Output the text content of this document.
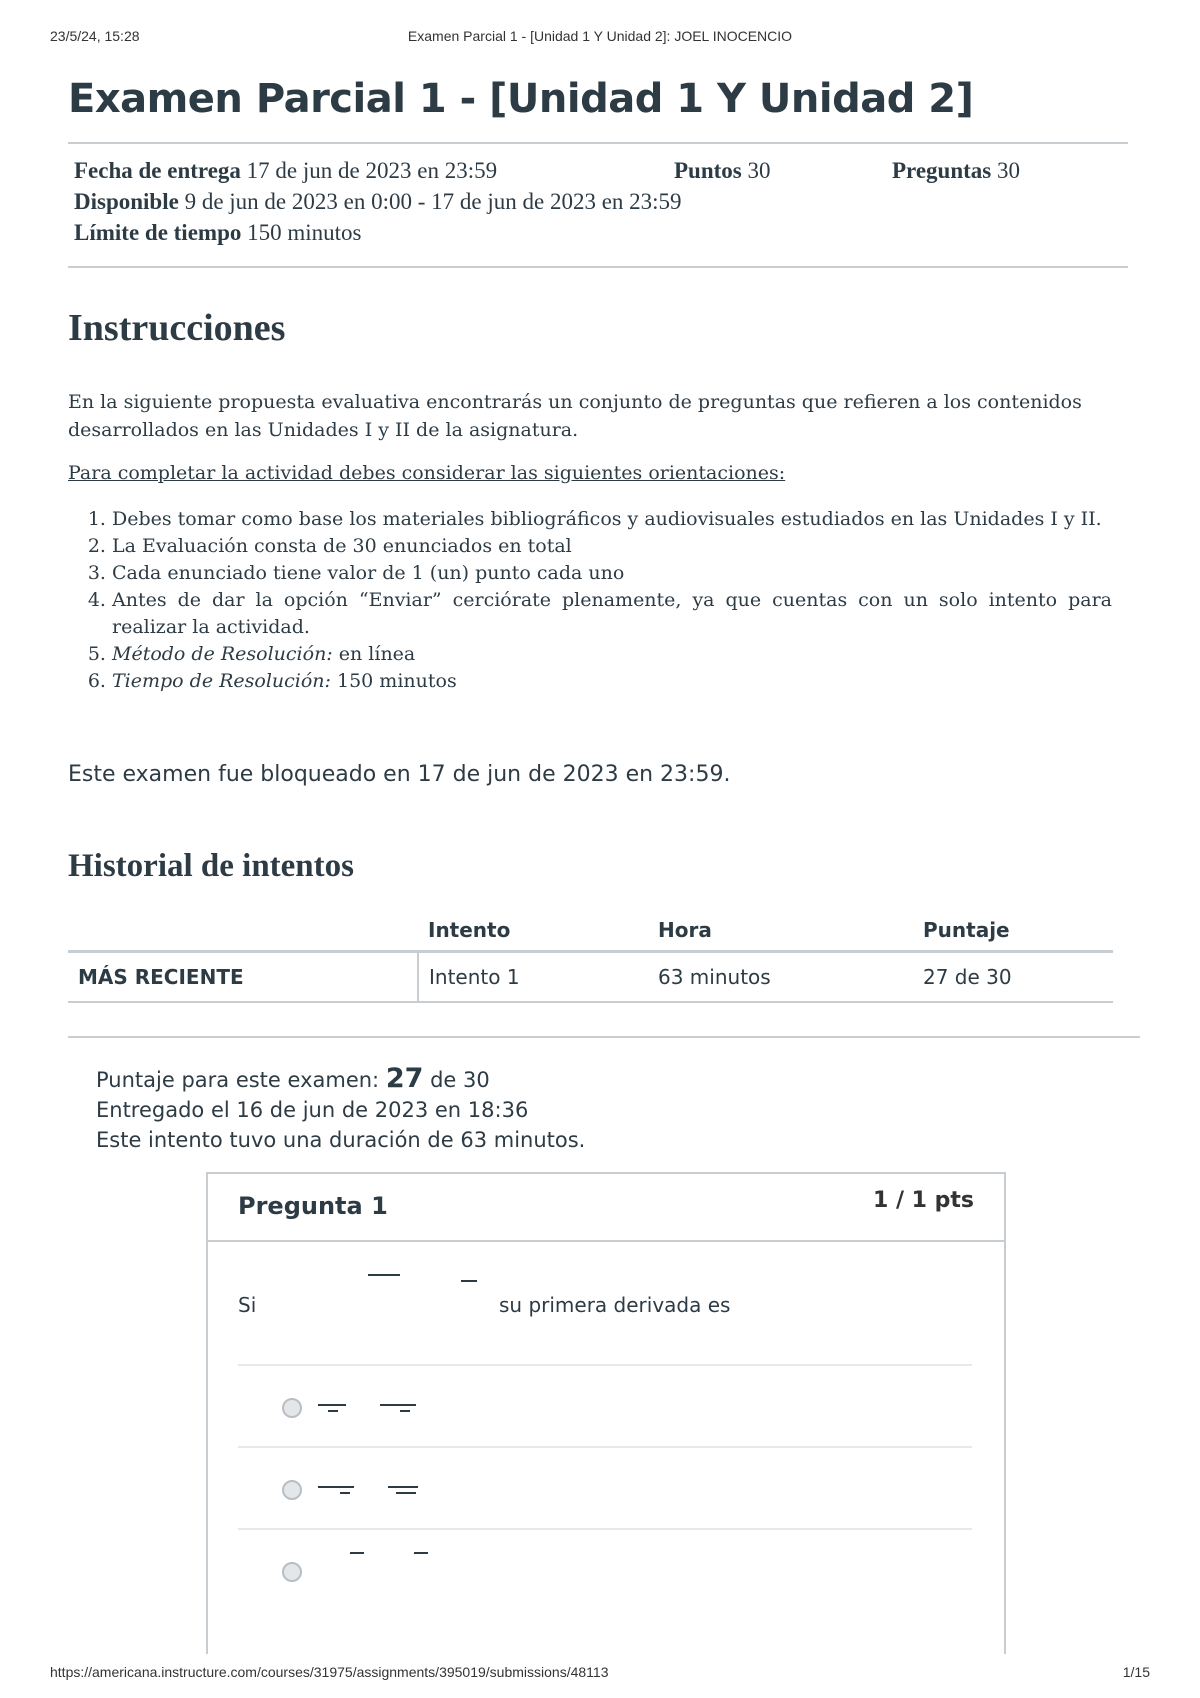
23/5/24, 15:28	Examen Parcial 1 - [Unidad 1 Y Unidad 2]: JOEL INOCENCIO
Examen Parcial 1 - [Unidad 1 Y Unidad 2]
Fecha de entrega 17 de jun de 2023 en 23:59	Puntos 30	Preguntas 30
Disponible 9 de jun de 2023 en 0:00 - 17 de jun de 2023 en 23:59
Límite de tiempo 150 minutos
Instrucciones
En la siguiente propuesta evaluativa encontrarás un conjunto de preguntas que refieren a los contenidos desarrollados en las Unidades I y II de la asignatura.
Para completar la actividad debes considerar las siguientes orientaciones:
1. Debes tomar como base los materiales bibliográficos y audiovisuales estudiados en las Unidades I y II.
2. La Evaluación consta de 30 enunciados en total
3. Cada enunciado tiene valor de 1 (un) punto cada uno
4. Antes de dar la opción “Enviar” cerciórate plenamente, ya que cuentas con un solo intento para realizar la actividad.
5. Método de Resolución: en línea
6. Tiempo de Resolución: 150 minutos
Este examen fue bloqueado en 17 de jun de 2023 en 23:59.
Historial de intentos
	Intento	Hora	Puntaje
MÁS RECIENTE	Intento 1	63 minutos	27 de 30
Puntaje para este examen: 27 de 30
Entregado el 16 de jun de 2023 en 18:36
Este intento tuvo una duración de 63 minutos.
Pregunta 1	1 / 1 pts
Si	su primera derivada es
https://americana.instructure.com/courses/31975/assignments/395019/submissions/48113	1/15
